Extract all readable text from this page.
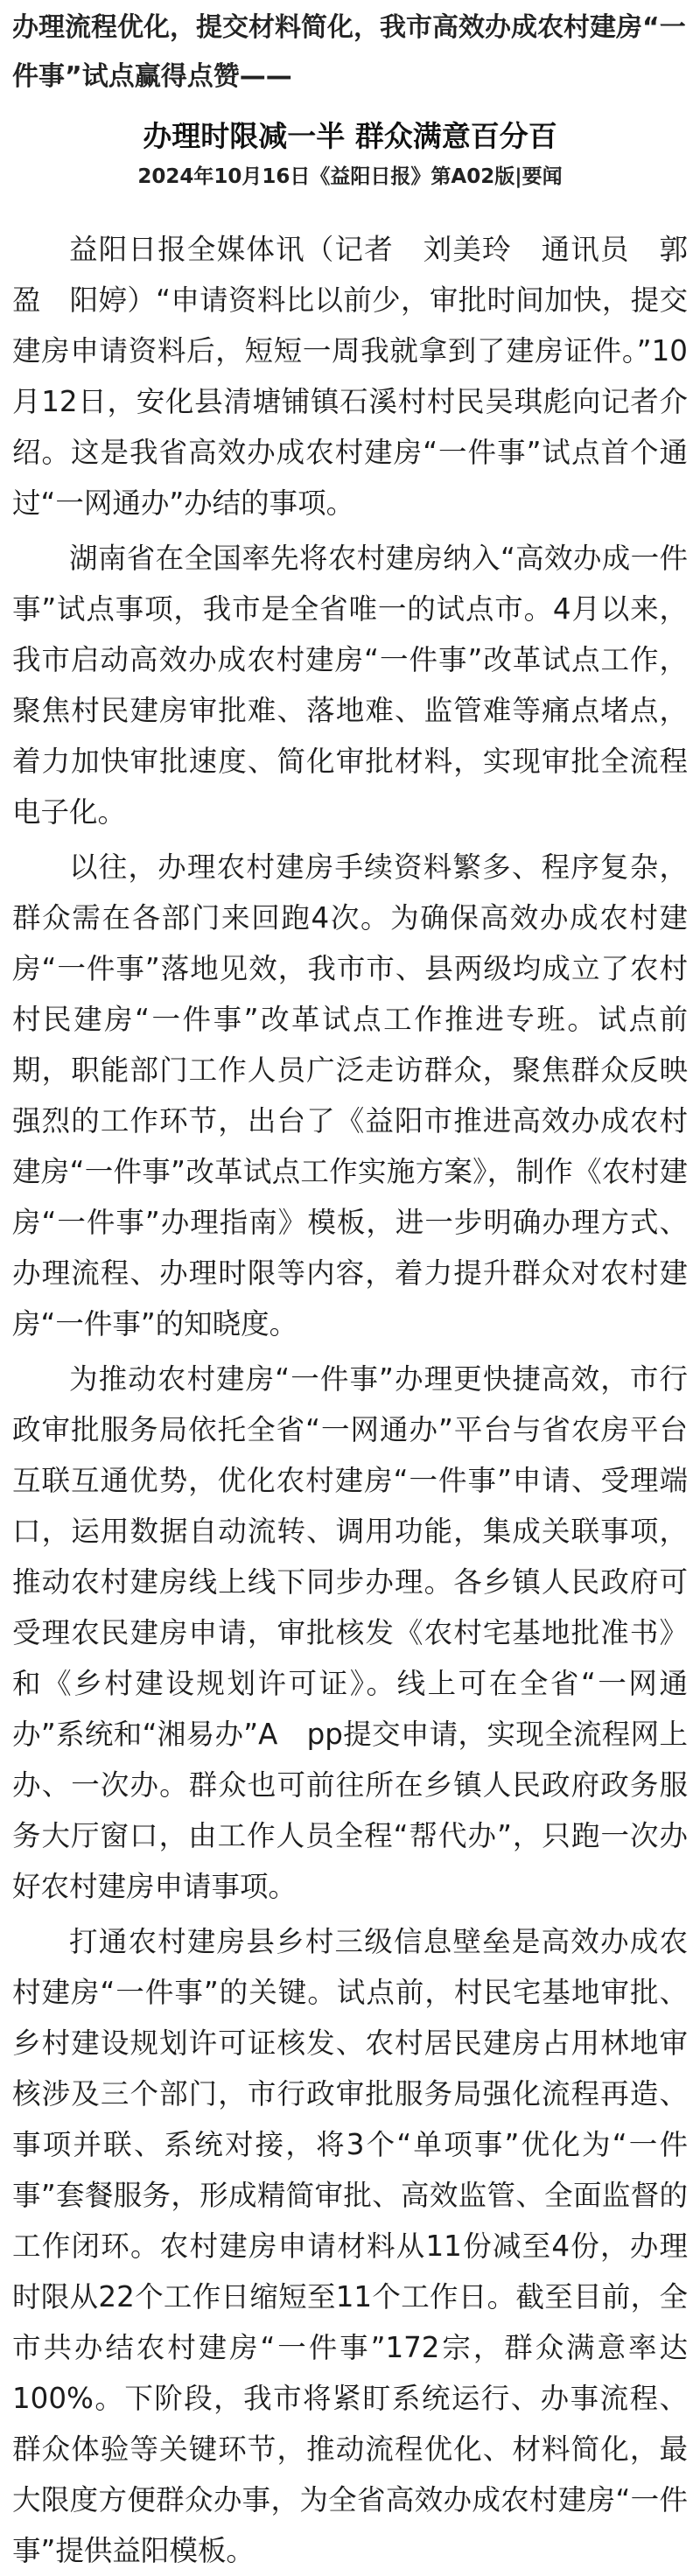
办理流程优化，提交材料简化，我市高效办成农村建房“一件事”试点赢得点赞——

办理时限减一半 群众满意百分百
2024年10月16日《益阳日报》第A02版|要闻

益阳日报全媒体讯（记者　刘美玲　通讯员　郭盈　阳婷）“申请资料比以前少，审批时间加快，提交建房申请资料后，短短一周我就拿到了建房证件。”10月12日，安化县清塘铺镇石溪村村民吴琪彪向记者介绍。这是我省高效办成农村建房“一件事”试点首个通过“一网通办”办结的事项。

湖南省在全国率先将农村建房纳入“高效办成一件事”试点事项，我市是全省唯一的试点市。4月以来，我市启动高效办成农村建房“一件事”改革试点工作，聚焦村民建房审批难、落地难、监管难等痛点堵点，着力加快审批速度、简化审批材料，实现审批全流程电子化。

以往，办理农村建房手续资料繁多、程序复杂，群众需在各部门来回跑4次。为确保高效办成农村建房“一件事”落地见效，我市市、县两级均成立了农村村民建房“一件事”改革试点工作推进专班。试点前期，职能部门工作人员广泛走访群众，聚焦群众反映强烈的工作环节，出台了《益阳市推进高效办成农村建房“一件事”改革试点工作实施方案》，制作《农村建房“一件事”办理指南》模板，进一步明确办理方式、办理流程、办理时限等内容，着力提升群众对农村建房“一件事”的知晓度。

为推动农村建房“一件事”办理更快捷高效，市行政审批服务局依托全省“一网通办”平台与省农房平台互联互通优势，优化农村建房“一件事”申请、受理端口，运用数据自动流转、调用功能，集成关联事项，推动农村建房线上线下同步办理。各乡镇人民政府可受理农民建房申请，审批核发《农村宅基地批准书》和《乡村建设规划许可证》。线上可在全省“一网通办”系统和“湘易办”A　pp提交申请，实现全流程网上办、一次办。群众也可前往所在乡镇人民政府政务服务大厅窗口，由工作人员全程“帮代办”，只跑一次办好农村建房申请事项。

打通农村建房县乡村三级信息壁垒是高效办成农村建房“一件事”的关键。试点前，村民宅基地审批、乡村建设规划许可证核发、农村居民建房占用林地审核涉及三个部门，市行政审批服务局强化流程再造、事项并联、系统对接，将3个“单项事”优化为“一件事”套餐服务，形成精简审批、高效监管、全面监督的工作闭环。农村建房申请材料从11份减至4份，办理时限从22个工作日缩短至11个工作日。截至目前，全市共办结农村建房“一件事”172宗，群众满意率达100%。下阶段，我市将紧盯系统运行、办事流程、群众体验等关键环节，推动流程优化、材料简化，最大限度方便群众办事，为全省高效办成农村建房“一件事”提供益阳模板。
